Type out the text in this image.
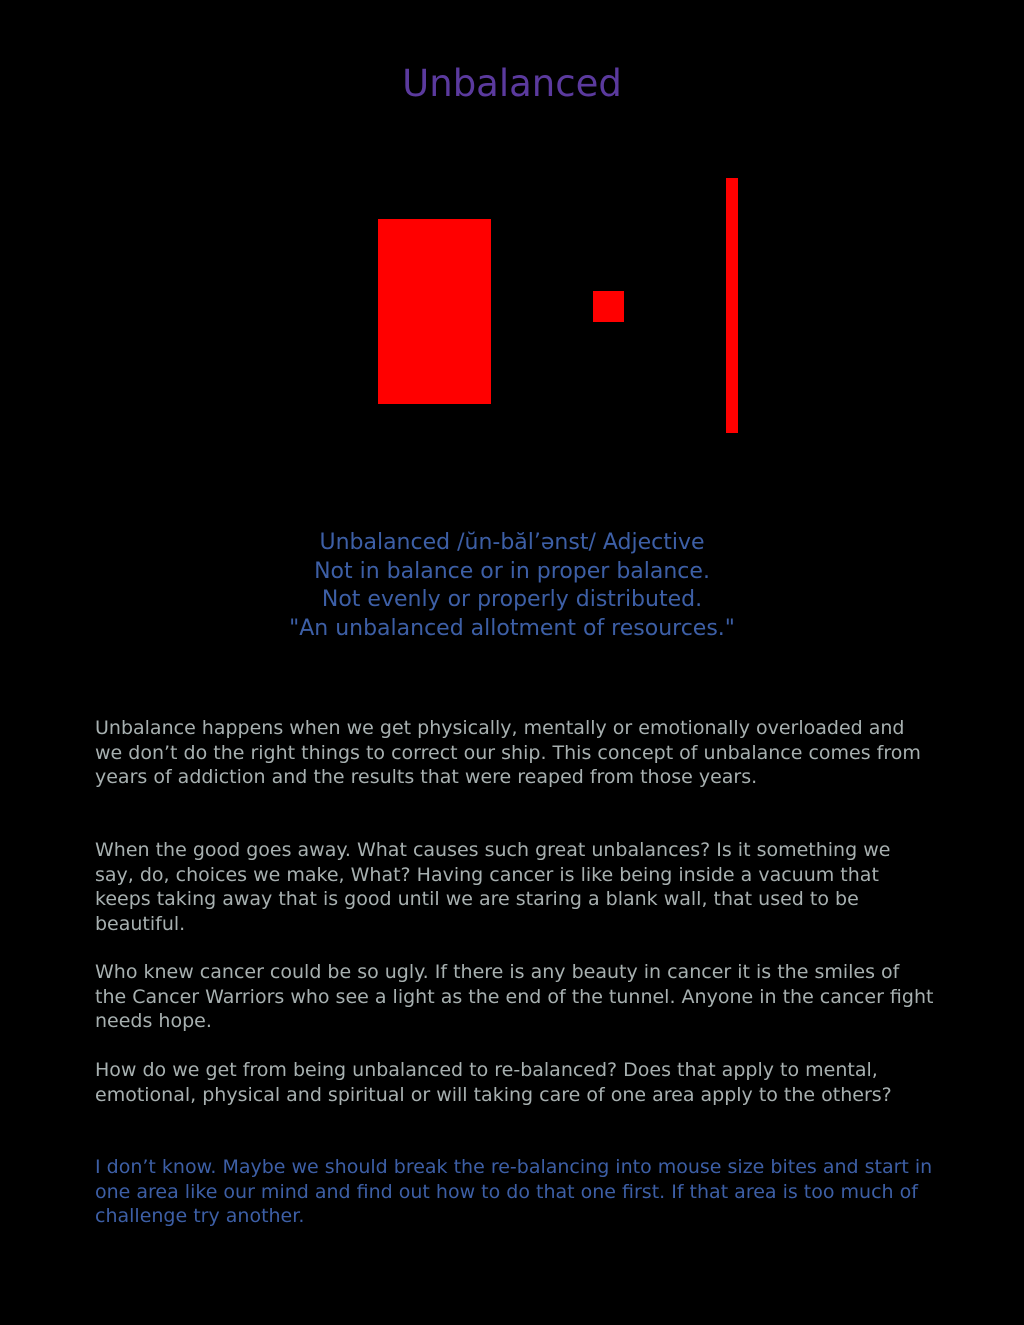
Unbalanced
Unbalanced /ŭn-băl’ənst/ Adjective
Not in balance or in proper balance.
Not evenly or properly distributed.
"An unbalanced allotment of resources."

Unbalance happens when we get physically, mentally or emotionally overloaded and we don’t do the right things to correct our ship. This concept of unbalance comes from years of addiction and the results that were reaped from those years.

When the good goes away. What causes such great unbalances? Is it something we say, do, choices we make, What? Having cancer is like being inside a vacuum that keeps taking away that is good until we are staring a blank wall, that used to be beautiful.

Who knew cancer could be so ugly. If there is any beauty in cancer it is the smiles of the Cancer Warriors who see a light as the end of the tunnel. Anyone in the cancer fight needs hope.

How do we get from being unbalanced to re-balanced? Does that apply to mental, emotional, physical and spiritual or will taking care of one area apply to the others?

I don’t know. Maybe we should break the re-balancing into mouse size bites and start in one area like our mind and find out how to do that one first. If that area is too much of challenge try another.
